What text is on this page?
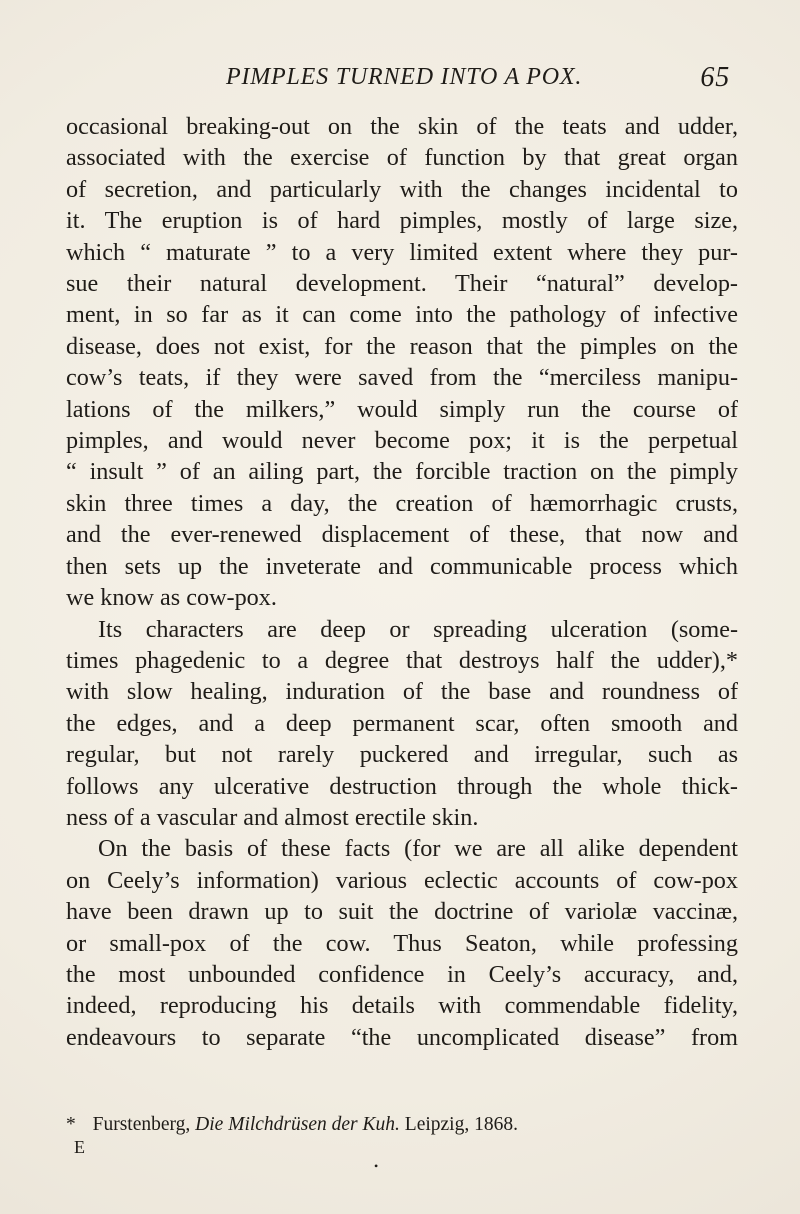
PIMPLES TURNED INTO A POX.	65
occasional breaking-out on the skin of the teats and udder,
associated with the exercise of function by that great organ
of secretion, and particularly with the changes incidental to
it. The eruption is of hard pimples, mostly of large size,
which “ maturate ” to a very limited extent where they pur-
sue their natural development. Their “natural” develop-
ment, in so far as it can come into the pathology of infective
disease, does not exist, for the reason that the pimples on the
cow’s teats, if they were saved from the “merciless manipu-
lations of the milkers,” would simply run the course of
pimples, and would never become pox; it is the perpetual
“ insult ” of an ailing part, the forcible traction on the pimply
skin three times a day, the creation of hæmorrhagic crusts,
and the ever-renewed displacement of these, that now and
then sets up the inveterate and communicable process which
we know as cow-pox.
Its characters are deep or spreading ulceration (some-
times phagedenic to a degree that destroys half the udder),*
with slow healing, induration of the base and roundness of
the edges, and a deep permanent scar, often smooth and
regular, but not rarely puckered and irregular, such as
follows any ulcerative destruction through the whole thick-
ness of a vascular and almost erectile skin.
On the basis of these facts (for we are all alike dependent
on Ceely’s information) various eclectic accounts of cow-pox
have been drawn up to suit the doctrine of variolæ vaccinæ,
or small-pox of the cow. Thus Seaton, while professing
the most unbounded confidence in Ceely’s accuracy, and,
indeed, reproducing his details with commendable fidelity,
endeavours to separate “the uncomplicated disease” from
* Furstenberg, Die Milchdrüsen der Kuh. Leipzig, 1868.
E
•
